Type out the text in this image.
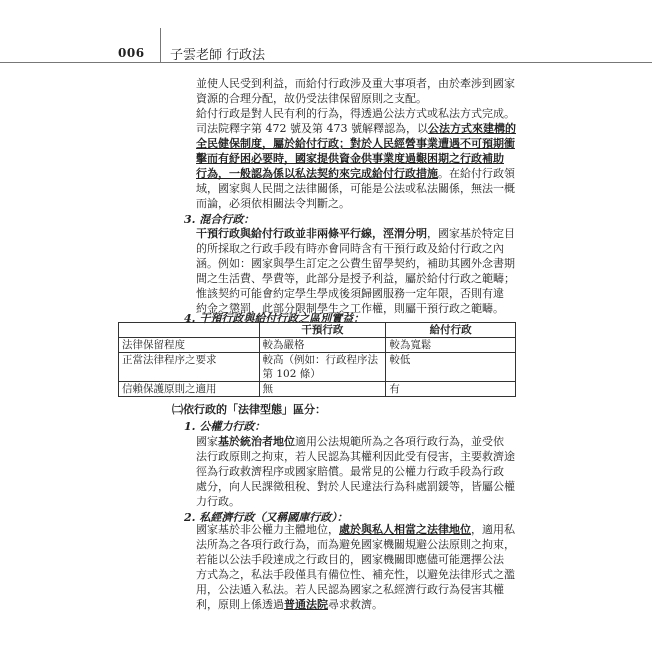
006 子雲老師 行政法
並使人民受到利益，而給付行政涉及重大事項者，由於牽涉到國家
資源的合理分配，故仍受法律保留原則之支配。
給付行政是對人民有利的行為，得透過公法方式或私法方式完成。
司法院釋字第 472 號及第 473 號解釋認為，以公法方式來建構的
全民健保制度，屬於給付行政；對於人民經營事業遭遇不可預期衝
擊而有紓困必要時，國家提供資金供事業度過艱困期之行政補助
行為，一般認為係以私法契約來完成給付行政措施。在給付行政領
域，國家與人民間之法律關係，可能是公法或私法關係，無法一概
而論，必須依相關法令判斷之。
3. 混合行政：
干預行政與給付行政並非兩條平行線，涇渭分明，國家基於特定目
的所採取之行政手段有時亦會同時含有干預行政及給付行政之內
涵。例如：國家與學生訂定之公費生留學契約，補助其國外念書期
間之生活費、學費等，此部分是授予利益，屬於給付行政之範疇；
惟該契約可能會約定學生學成後須歸國服務一定年限，否則有違
約金之懲罰，此部分限制學生之工作權，則屬干預行政之範疇。
4. 干預行政與給付行政之區別實益：
	干預行政	給付行政
法律保留程度	較為嚴格	較為寬鬆
正當法律程序之要求	較高（例如：行政程序法第 102 條）	較低
信賴保護原則之適用	無	有
㈡依行政的「法律型態」區分：
1. 公權力行政：
國家基於統治者地位適用公法規範所為之各項行政行為，並受依
法行政原則之拘束，若人民認為其權利因此受有侵害，主要救濟途
徑為行政救濟程序或國家賠償。最常見的公權力行政手段為行政
處分，向人民課徵租稅、對於人民違法行為科處罰鍰等，皆屬公權
力行政。
2. 私經濟行政（又稱國庫行政）：
國家基於非公權力主體地位，處於與私人相當之法律地位，適用私
法所為之各項行政行為，而為避免國家機關規避公法原則之拘束，
若能以公法手段達成之行政目的，國家機關即應儘可能選擇公法
方式為之，私法手段僅具有備位性、補充性，以避免法律形式之濫
用，公法遁入私法。若人民認為國家之私經濟行政行為侵害其權
利，原則上係透過普通法院尋求救濟。
